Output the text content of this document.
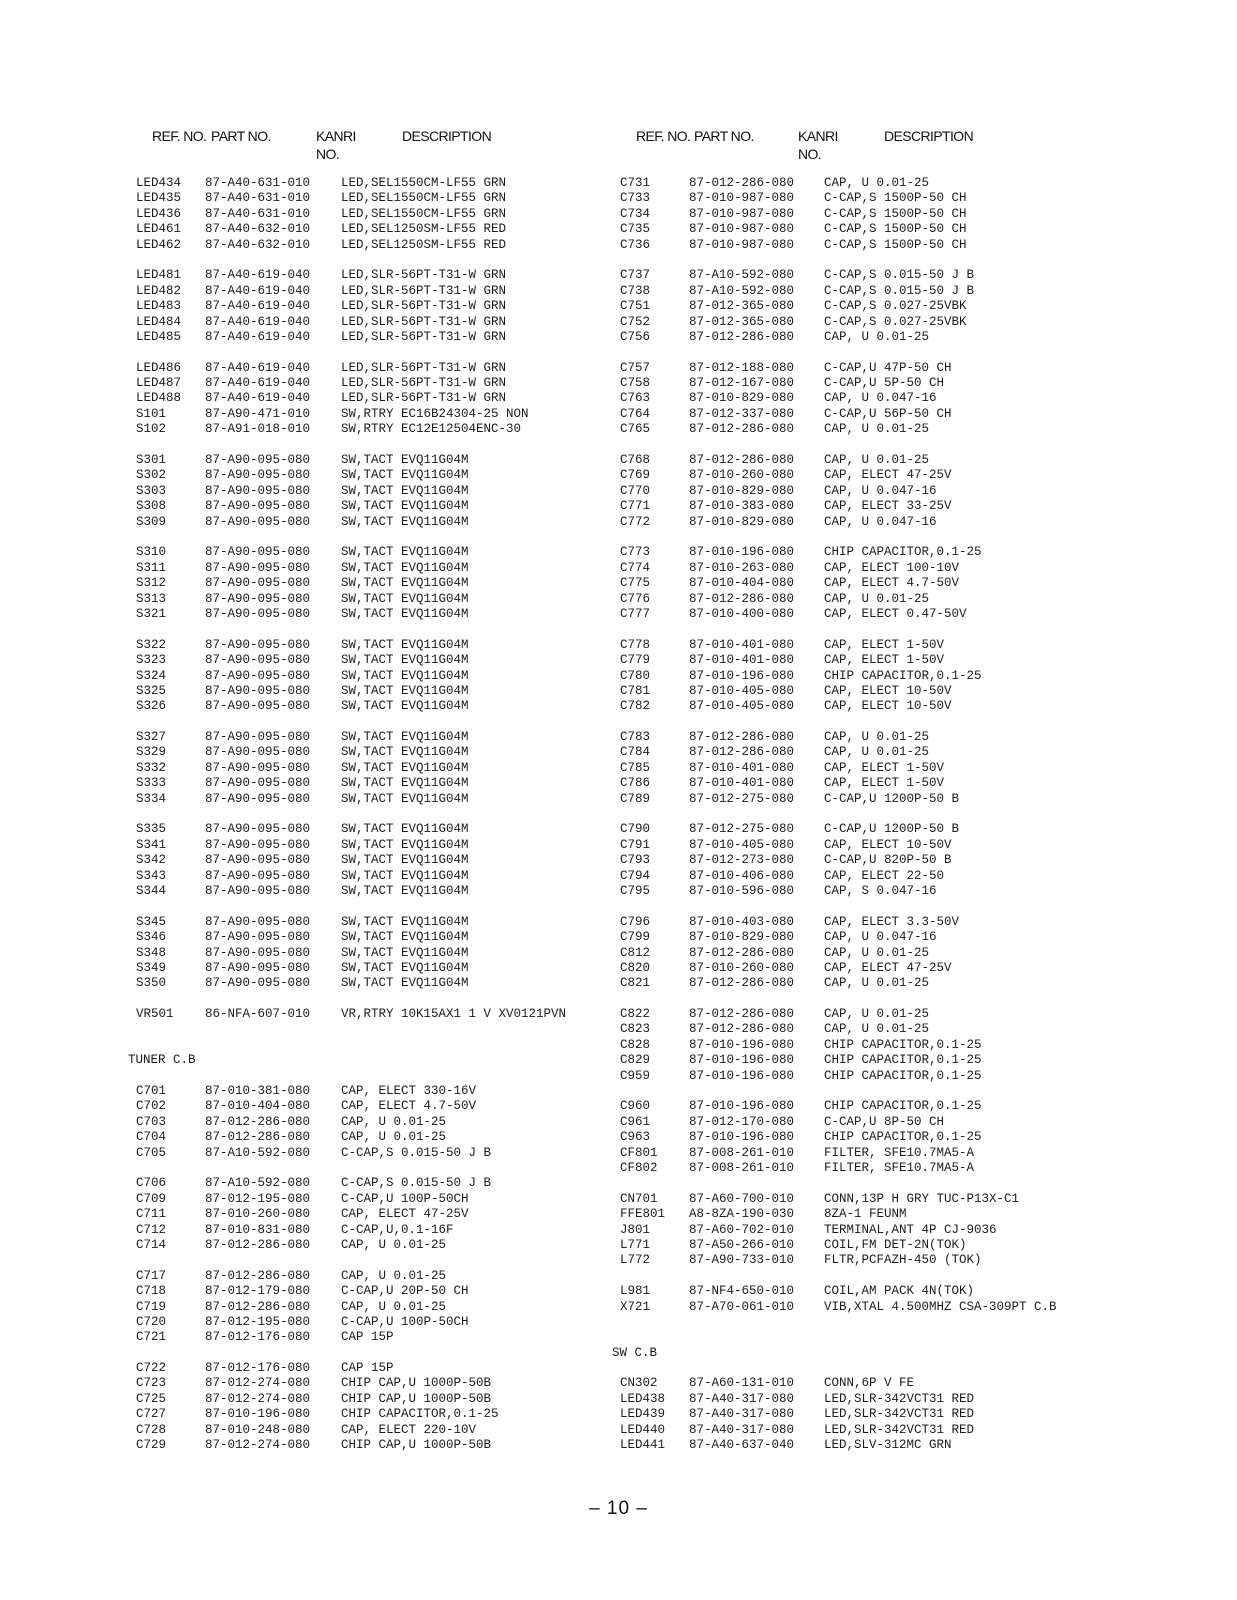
REF. NO. PART NO.	KANRI
NO.
DESCRIPTION	REF. NO. PART NO.	KANRI
NO.
DESCRIPTION
LED434 87-A40-631-010 LED,SEL1550CM-LF55 GRN
LED435 87-A40-631-010 LED,SEL1550CM-LF55 GRN
LED436 87-A40-631-010 LED,SEL1550CM-LF55 GRN
LED461 87-A40-632-010 LED,SEL1250SM-LF55 RED
LED462 87-A40-632-010 LED,SEL1250SM-LF55 RED
LED481 87-A40-619-040 LED,SLR-56PT-T31-W GRN
LED482 87-A40-619-040 LED,SLR-56PT-T31-W GRN
LED483 87-A40-619-040 LED,SLR-56PT-T31-W GRN
LED484 87-A40-619-040 LED,SLR-56PT-T31-W GRN
LED485 87-A40-619-040 LED,SLR-56PT-T31-W GRN
LED486 87-A40-619-040 LED,SLR-56PT-T31-W GRN
LED487 87-A40-619-040 LED,SLR-56PT-T31-W GRN
LED488 87-A40-619-040 LED,SLR-56PT-T31-W GRN
S101	87-A90-471-010 SW,RTRY EC16B24304-25 NON
S102	87-A91-018-010 SW,RTRY EC12E12504ENC-30
S301	87-A90-095-080 SW,TACT EVQ11G04M
S302	87-A90-095-080 SW,TACT EVQ11G04M
S303	87-A90-095-080 SW,TACT EVQ11G04M
S308	87-A90-095-080 SW,TACT EVQ11G04M
S309	87-A90-095-080 SW,TACT EVQ11G04M
S310	87-A90-095-080 SW,TACT EVQ11G04M
S311	87-A90-095-080 SW,TACT EVQ11G04M
S312	87-A90-095-080 SW,TACT EVQ11G04M
S313	87-A90-095-080 SW,TACT EVQ11G04M
S321	87-A90-095-080 SW,TACT EVQ11G04M
S322	87-A90-095-080 SW,TACT EVQ11G04M
S323	87-A90-095-080 SW,TACT EVQ11G04M
S324	87-A90-095-080 SW,TACT EVQ11G04M
S325	87-A90-095-080 SW,TACT EVQ11G04M
S326	87-A90-095-080 SW,TACT EVQ11G04M
S327	87-A90-095-080 SW,TACT EVQ11G04M
S329	87-A90-095-080 SW,TACT EVQ11G04M
S332	87-A90-095-080 SW,TACT EVQ11G04M
S333	87-A90-095-080 SW,TACT EVQ11G04M
S334	87-A90-095-080 SW,TACT EVQ11G04M
S335	87-A90-095-080 SW,TACT EVQ11G04M
S341	87-A90-095-080 SW,TACT EVQ11G04M
S342	87-A90-095-080 SW,TACT EVQ11G04M
S343	87-A90-095-080 SW,TACT EVQ11G04M
S344	87-A90-095-080 SW,TACT EVQ11G04M
S345	87-A90-095-080 SW,TACT EVQ11G04M
S346	87-A90-095-080 SW,TACT EVQ11G04M
S348	87-A90-095-080 SW,TACT EVQ11G04M
S349	87-A90-095-080 SW,TACT EVQ11G04M
S350	87-A90-095-080 SW,TACT EVQ11G04M
VR501	86-NFA-607-010 VR,RTRY 10K15AX1 1 V XV0121PVN
TUNER C.B
C701	87-010-381-080 CAP, ELECT 330-16V
C702	87-010-404-080 CAP, ELECT 4.7-50V
C703	87-012-286-080 CAP, U 0.01-25
C704	87-012-286-080 CAP, U 0.01-25
C705	87-A10-592-080 C-CAP,S 0.015-50 J B
C706	87-A10-592-080 C-CAP,S 0.015-50 J B
C709	87-012-195-080 C-CAP,U 100P-50CH
C711	87-010-260-080 CAP, ELECT 47-25V
C712	87-010-831-080 C-CAP,U,0.1-16F
C714	87-012-286-080 CAP, U 0.01-25
C717	87-012-286-080 CAP, U 0.01-25
C718	87-012-179-080 C-CAP,U 20P-50 CH
C719	87-012-286-080 CAP, U 0.01-25
C720	87-012-195-080 C-CAP,U 100P-50CH
C721	87-012-176-080 CAP 15P
C722	87-012-176-080 CAP 15P
C723	87-012-274-080 CHIP CAP,U 1000P-50B
C725	87-012-274-080 CHIP CAP,U 1000P-50B
C727	87-010-196-080 CHIP CAPACITOR,0.1-25
C728	87-010-248-080 CAP, ELECT 220-10V
C729	87-012-274-080 CHIP CAP,U 1000P-50B
C731	87-012-286-080 CAP, U 0.01-25
C733	87-010-987-080 C-CAP,S 1500P-50 CH
C734	87-010-987-080 C-CAP,S 1500P-50 CH
C735	87-010-987-080 C-CAP,S 1500P-50 CH
C736	87-010-987-080 C-CAP,S 1500P-50 CH
C737	87-A10-592-080 C-CAP,S 0.015-50 J B
C738	87-A10-592-080 C-CAP,S 0.015-50 J B
C751	87-012-365-080 C-CAP,S 0.027-25VBK
C752	87-012-365-080 C-CAP,S 0.027-25VBK
C756	87-012-286-080 CAP, U 0.01-25
C757	87-012-188-080 C-CAP,U 47P-50 CH
C758	87-012-167-080 C-CAP,U 5P-50 CH
C763	87-010-829-080 CAP, U 0.047-16
C764	87-012-337-080 C-CAP,U 56P-50 CH
C765	87-012-286-080 CAP, U 0.01-25
C768	87-012-286-080 CAP, U 0.01-25
C769	87-010-260-080 CAP, ELECT 47-25V
C770	87-010-829-080 CAP, U 0.047-16
C771	87-010-383-080 CAP, ELECT 33-25V
C772	87-010-829-080 CAP, U 0.047-16
C773	87-010-196-080 CHIP CAPACITOR,0.1-25
C774	87-010-263-080 CAP, ELECT 100-10V
C775	87-010-404-080 CAP, ELECT 4.7-50V
C776	87-012-286-080 CAP, U 0.01-25
C777	87-010-400-080 CAP, ELECT 0.47-50V
C778	87-010-401-080 CAP, ELECT 1-50V
C779	87-010-401-080 CAP, ELECT 1-50V
C780	87-010-196-080 CHIP CAPACITOR,0.1-25
C781	87-010-405-080 CAP, ELECT 10-50V
C782	87-010-405-080 CAP, ELECT 10-50V
C783	87-012-286-080 CAP, U 0.01-25
C784	87-012-286-080 CAP, U 0.01-25
C785	87-010-401-080 CAP, ELECT 1-50V
C786	87-010-401-080 CAP, ELECT 1-50V
C789	87-012-275-080 C-CAP,U 1200P-50 B
C790	87-012-275-080 C-CAP,U 1200P-50 B
C791	87-010-405-080 CAP, ELECT 10-50V
C793	87-012-273-080 C-CAP,U 820P-50 B
C794	87-010-406-080 CAP, ELECT 22-50
C795	87-010-596-080 CAP, S 0.047-16
C796	87-010-403-080 CAP, ELECT 3.3-50V
C799	87-010-829-080 CAP, U 0.047-16
C812	87-012-286-080 CAP, U 0.01-25
C820	87-010-260-080 CAP, ELECT 47-25V
C821	87-012-286-080 CAP, U 0.01-25
C822	87-012-286-080 CAP, U 0.01-25
C823	87-012-286-080 CAP, U 0.01-25
C828	87-010-196-080 CHIP CAPACITOR,0.1-25
C829	87-010-196-080 CHIP CAPACITOR,0.1-25
C959	87-010-196-080 CHIP CAPACITOR,0.1-25
C960	87-010-196-080 CHIP CAPACITOR,0.1-25
C961	87-012-170-080 C-CAP,U 8P-50 CH
C963	87-010-196-080 CHIP CAPACITOR,0.1-25
CF801	87-008-261-010 FILTER, SFE10.7MA5-A
CF802	87-008-261-010 FILTER, SFE10.7MA5-A
CN701	87-A60-700-010 CONN,13P H GRY TUC-P13X-C1
FFE801 A8-8ZA-190-030 8ZA-1 FEUNM
J801	87-A60-702-010 TERMINAL,ANT 4P CJ-9036
L771	87-A50-266-010 COIL,FM DET-2N(TOK)
L772	87-A90-733-010 FLTR,PCFAZH-450 (TOK)
L981	87-NF4-650-010 COIL,AM PACK 4N(TOK)
X721	87-A70-061-010 VIB,XTAL 4.500MHZ CSA-309PT C.B
SW C.B
CN302	87-A60-131-010 CONN,6P V FE
LED438 87-A40-317-080 LED,SLR-342VCT31 RED
LED439 87-A40-317-080 LED,SLR-342VCT31 RED
LED440 87-A40-317-080 LED,SLR-342VCT31 RED
LED441 87-A40-637-040 LED,SLV-312MC GRN
– 10 –
